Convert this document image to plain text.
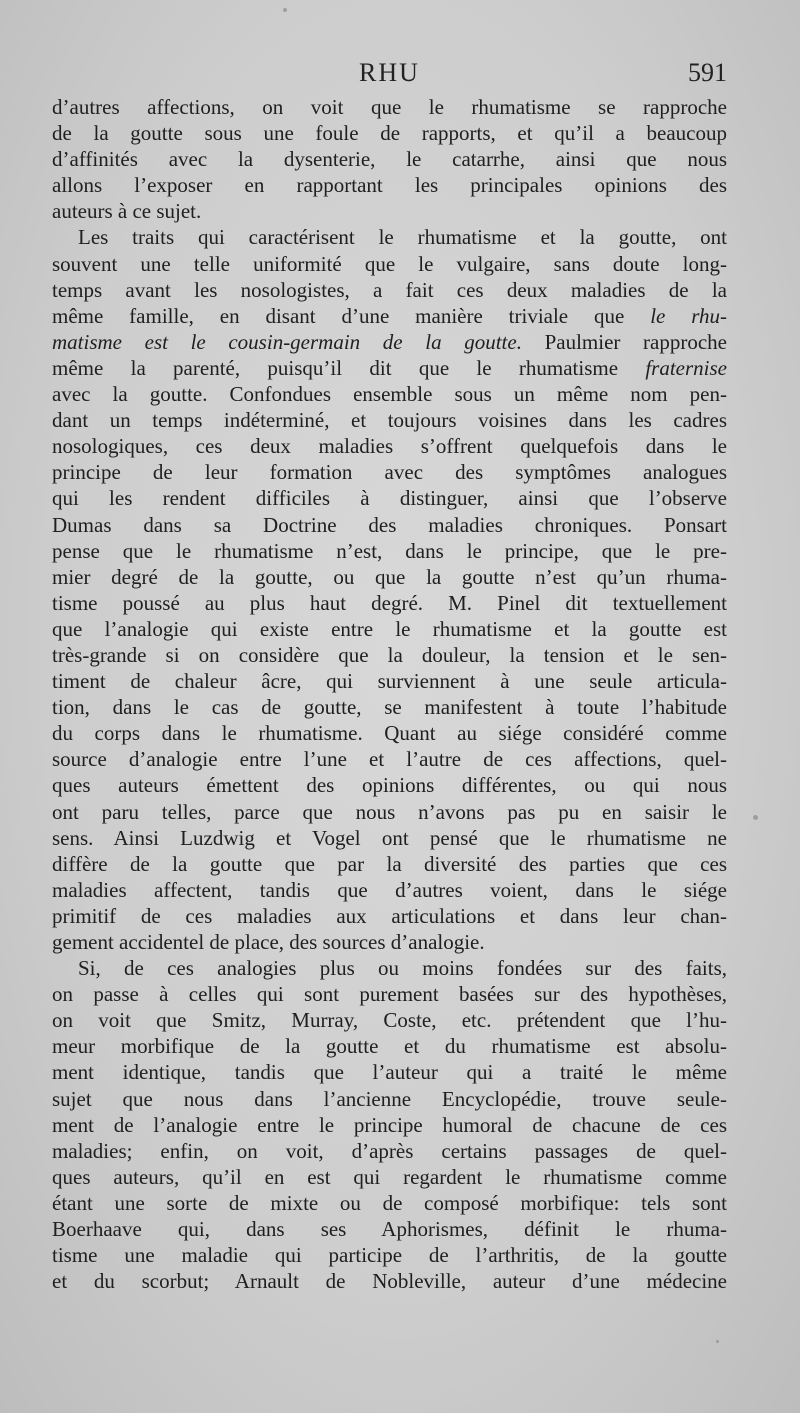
RHU	591
d’autres affections, on voit que le rhumatisme se rapproche
de la goutte sous une foule de rapports, et qu’il a beaucoup
d’affinités avec la dysenterie, le catarrhe, ainsi que nous
allons l’exposer en rapportant les principales opinions des
auteurs à ce sujet.
Les traits qui caractérisent le rhumatisme et la goutte, ont
souvent une telle uniformité que le vulgaire, sans doute long-
temps avant les nosologistes, a fait ces deux maladies de la
même famille, en disant d’une manière triviale que le rhu-
matisme est le cousin-germain de la goutte. Paulmier rapproche
même la parenté, puisqu’il dit que le rhumatisme fraternise
avec la goutte. Confondues ensemble sous un même nom pen-
dant un temps indéterminé, et toujours voisines dans les cadres
nosologiques, ces deux maladies s’offrent quelquefois dans le
principe de leur formation avec des symptômes analogues
qui les rendent difficiles à distinguer, ainsi que l’observe
Dumas dans sa Doctrine des maladies chroniques. Ponsart
pense que le rhumatisme n’est, dans le principe, que le pre-
mier degré de la goutte, ou que la goutte n’est qu’un rhuma-
tisme poussé au plus haut degré. M. Pinel dit textuellement
que l’analogie qui existe entre le rhumatisme et la goutte est
très-grande si on considère que la douleur, la tension et le sen-
timent de chaleur âcre, qui surviennent à une seule articula-
tion, dans le cas de goutte, se manifestent à toute l’habitude
du corps dans le rhumatisme. Quant au siége considéré comme
source d’analogie entre l’une et l’autre de ces affections, quel-
ques auteurs émettent des opinions différentes, ou qui nous
ont paru telles, parce que nous n’avons pas pu en saisir le
sens. Ainsi Luzdwig et Vogel ont pensé que le rhumatisme ne
diffère de la goutte que par la diversité des parties que ces
maladies affectent, tandis que d’autres voient, dans le siége
primitif de ces maladies aux articulations et dans leur chan-
gement accidentel de place, des sources d’analogie.
Si, de ces analogies plus ou moins fondées sur des faits,
on passe à celles qui sont purement basées sur des hypothèses,
on voit que Smitz, Murray, Coste, etc. prétendent que l’hu-
meur morbifique de la goutte et du rhumatisme est absolu-
ment identique, tandis que l’auteur qui a traité le même
sujet que nous dans l’ancienne Encyclopédie, trouve seule-
ment de l’analogie entre le principe humoral de chacune de ces
maladies; enfin, on voit, d’après certains passages de quel-
ques auteurs, qu’il en est qui regardent le rhumatisme comme
étant une sorte de mixte ou de composé morbifique: tels sont
Boerhaave qui, dans ses Aphorismes, définit le rhuma-
tisme une maladie qui participe de l’arthritis, de la goutte
et du scorbut; Arnault de Nobleville, auteur d’une médecine
